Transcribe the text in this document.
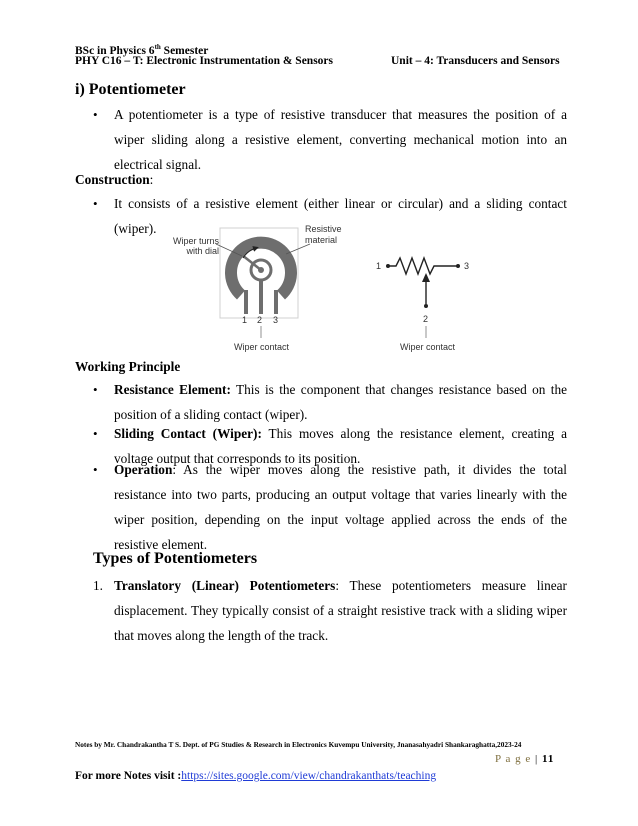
BSc in Physics 6th Semester
PHY C16 – T: Electronic Instrumentation & Sensors	Unit – 4: Transducers and Sensors
i) Potentiometer
• A potentiometer is a type of resistive transducer that measures the position of a wiper sliding along a resistive element, converting mechanical motion into an electrical signal.
Construction:
• It consists of a resistive element (either linear or circular) and a sliding contact (wiper).
Wiper turns
with dial
Resistive
material
1 2 3
Wiper contact
1	3
2
Wiper contact
Working Principle
• Resistance Element: This is the component that changes resistance based on the position of a sliding contact (wiper).
• Sliding Contact (Wiper): This moves along the resistance element, creating a voltage output that corresponds to its position.
• Operation: As the wiper moves along the resistive path, it divides the total resistance into two parts, producing an output voltage that varies linearly with the wiper position, depending on the input voltage applied across the ends of the resistive element.
Types of Potentiometers
1. Translatory (Linear) Potentiometers: These potentiometers measure linear displacement. They typically consist of a straight resistive track with a sliding wiper that moves along the length of the track.
Notes by Mr. Chandrakantha T S. Dept. of PG Studies & Research in Electronics Kuvempu University, Jnanasahyadri Shankaraghatta,2023-24
P a g e | 11
For more Notes visit :https://sites.google.com/view/chandrakanthats/teaching
